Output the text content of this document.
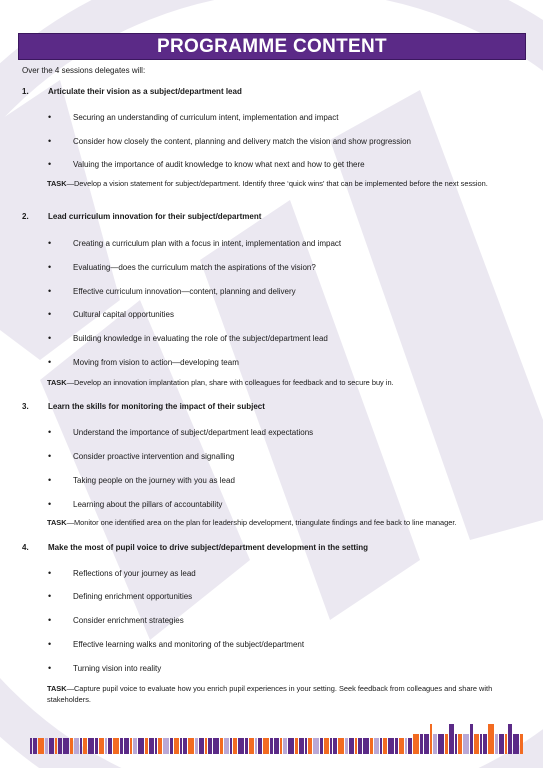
PROGRAMME CONTENT

Over the 4 sessions delegates will:

1. Articulate their vision as a subject/department lead

•	Securing an understanding of curriculum intent, implementation and impact

•	Consider how closely the content, planning and delivery match the vision and show progression

•	Valuing the importance of audit knowledge to know what next and how to get there

TASK—Develop a vision statement for subject/department. Identify three ‘quick wins’ that can be implemented before the next session.

2. Lead curriculum innovation for their subject/department

•	Creating a curriculum plan with a focus in intent, implementation and impact

•	Evaluating—does the curriculum match the aspirations of the vision?

•	Effective curriculum innovation—content, planning and delivery

•	Cultural capital opportunities

•	Building knowledge in evaluating the role of the subject/department lead

•	Moving from vision to action—developing team

TASK—Develop an innovation implantation plan, share with colleagues for feedback and to secure buy in.

3. Learn the skills for monitoring the impact of their subject

•	Understand the importance of subject/department lead expectations

•	Consider proactive intervention and signalling

•	Taking people on the journey with you as lead

•	Learning about the pillars of accountability

TASK—Monitor one identified area on the plan for leadership development, triangulate findings and fee back to line manager.

4. Make the most of pupil voice to drive subject/department development in the setting

•	Reflections of your journey as lead

•	Defining enrichment opportunities

•	Consider enrichment strategies

•	Effective learning walks and monitoring of the subject/department

•	Turning vision into reality

TASK—Capture pupil voice to evaluate how you enrich pupil experiences in your setting. Seek feedback from colleagues and share with stakeholders.
